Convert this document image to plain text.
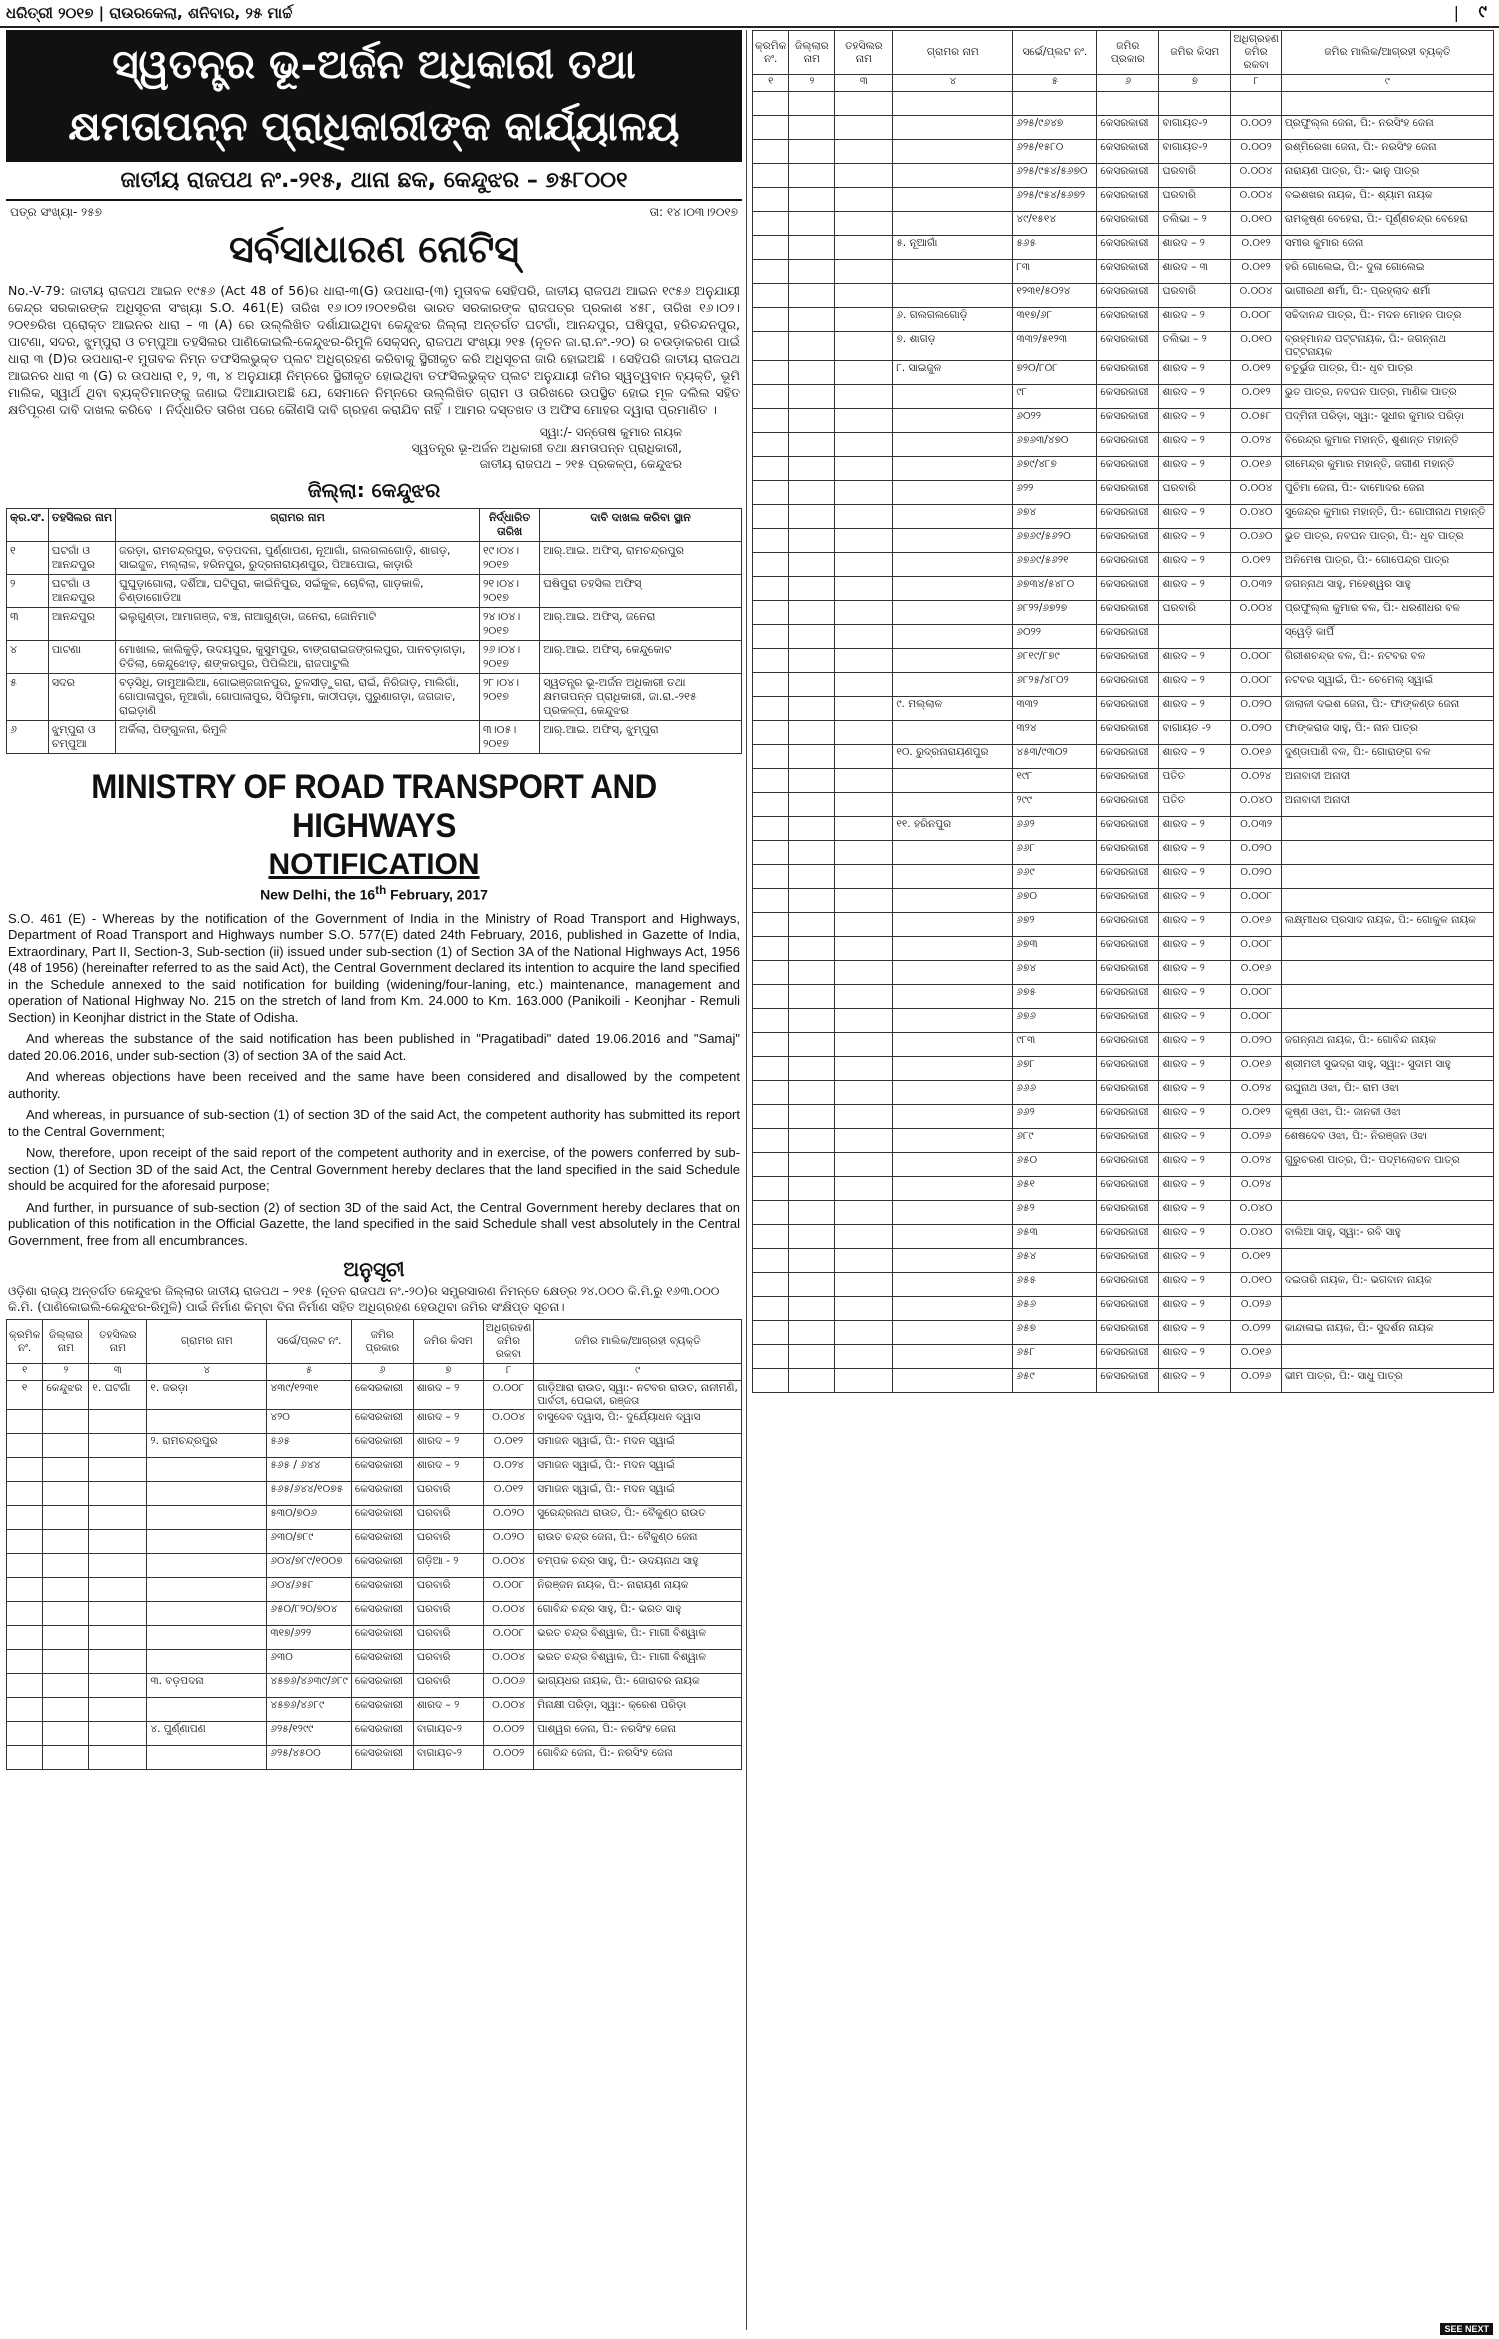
ଧରିତ୍ରୀ ୨୦୧୭ | ରାଉରକେଲା, ଶନିବାର, ୨୫ ମାର୍ଚ୍ଚ	| ୯
ସ୍ୱତନ୍ତ୍ର ଭୂ-ଅର୍ଜନ ଅଧିକାରୀ ତଥା
କ୍ଷମତାପନ୍ନ ପ୍ରାଧିକାରୀଙ୍କ କାର୍ଯ୍ୟାଳୟ
ଜାତୀୟ ରାଜପଥ ନଂ.-୨୧୫, ଥାନା ଛକ, କେନ୍ଦୁଝର – ୭୫୮୦୦୧
ପତ୍ର ସଂଖ୍ୟା- ୨୫୭	ତା: ୧୪।୦୩।୨୦୧୭
ସର୍ବସାଧାରଣ ନୋଟିସ୍

No.-V-79: ଜାତୀୟ ରାଜପଥ ଆଇନ ୧୯୫୬ (Act 48 of 56)ର ଧାରା-୩(G) ଉପଧାରା-(୩) ମୁତାବକ ସେହିପରି, ଜାତୀୟ ରାଜପଥ ଆଇନ ୧୯୫୬ ଅନୁଯାୟୀ କେନ୍ଦ୍ର ସରକାରଙ୍କ ଅଧିସୂଚନା ସଂଖ୍ୟା S.O. 461(E) ତାରିଖ ୧୬।୦୨।୨୦୧୭ରିଖ ଭାରତ ସରକାରଙ୍କ ରାଜପତ୍ର ପ୍ରକାଶ ୪୫୮, ତାରିଖ ୧୬।୦୨।୨୦୧୭ରିଖ ପ୍ରୋକ୍ତ ଆଇନର ଧାରା – ୩ (A) ରେ ଉଲ୍ଲିଖିତ ଦର୍ଶାଯାଇଥିବା କେନ୍ଦୁଝର ଜିଲ୍ଲା ଅନ୍ତର୍ଗତ ଘଟଗାଁ, ଆନନ୍ଦପୁର, ଘଷିପୁରା, ହରିଚନ୍ଦନପୁର, ପାଟଣା, ସଦର, ଝୁମ୍ପୁରା ଓ ଚମ୍ପୁଆ ତହସିଲର ପାଣିକୋଇଲି-କେନ୍ଦୁଝର-ରିମୁଳି ସେକ୍ସନ୍, ରାଜପଥ ସଂଖ୍ୟା ୨୧୫ (ନୂତନ ଜା.ରା.ନଂ.-୨୦) ର ଚଉଡ଼ାକରଣ ପାଇଁ ଧାରା ୩ (D)ର ଉପଧାରା-୧ ମୁତାବକ ନିମ୍ନ ତଫସିଲଭୁକ୍ତ ପ୍ଲଟ ଅଧିଗ୍ରହଣ କରିବାକୁ ସ୍ଥିରୀକୃତ କରି ଅଧିସୂଚନା ଜାରି ହୋଇଅଛି । ସେହିପରି ଜାତୀୟ ରାଜପଥ ଆଇନର ଧାରା ୩ (G) ର ଉପଧାରା ୧, ୨, ୩, ୪ ଅନୁଯାୟୀ ନିମ୍ନରେ ସ୍ଥିରୀକୃତ ହୋଇଥିବା ତଫସିଲଭୁକ୍ତ ପ୍ଲଟ ଅନୁଯାୟୀ ଜମିର ସ୍ୱତ୍ୱବାନ ବ୍ୟକ୍ତି, ଭୂମି ମାଲିକ, ସ୍ୱାର୍ଥ ଥିବା ବ୍ୟକ୍ତିମାନଙ୍କୁ ଜଣାଇ ଦିଆଯାଉଅଛି ଯେ, ସେମାନେ ନିମ୍ନରେ ଉଲ୍ଲିଖିତ ଗ୍ରାମ ଓ ତାରିଖରେ ଉପସ୍ଥିତ ହୋଇ ମୂଳ ଦଲିଲ ସହିତ କ୍ଷତିପୂରଣ ଦାବି ଦାଖଲ କରିବେ । ନିର୍ଦ୍ଧାରିତ ତାରିଖ ପରେ କୌଣସି ଦାବି ଗ୍ରହଣ କରାଯିବ ନାହିଁ । ଆମର ଦସ୍ତଖତ ଓ ଅଫିସ ମୋହର ଦ୍ୱାରା ପ୍ରମାଣିତ ।

ସ୍ୱା:/- ସନ୍ତୋଷ କୁମାର ନାୟକ
ସ୍ୱତନ୍ତ୍ର ଭୂ-ଅର୍ଜନ ଅଧିକାରୀ ତଥା କ୍ଷମତାପନ୍ନ ପ୍ରାଧିକାରୀ,
ଜାତୀୟ ରାଜପଥ – ୨୧୫ ପ୍ରକଳ୍ପ, କେନ୍ଦୁଝର
ଜିଲ୍ଲା: କେନ୍ଦୁଝର
କ୍ର.ସଂ.	ତହସିଲର ନାମ	ଗ୍ରାମର ନାମ	ନିର୍ଦ୍ଧାରିତ ତାରିଖ	ଦାବି ଦାଖଲ କରିବା ସ୍ଥାନ
୧	ଘଟଗାଁ ଓ ଆନନ୍ଦପୁର	ଜରଡ଼ା, ରାମଚନ୍ଦ୍ରପୁର, ବଡ଼ପଦନା, ପୁର୍ଣ୍ଣାପଣ, ନୂଆଗାଁ, ଗଲଗଲଗୋଡ଼ି, ଶାଗଡ଼, ସାଇଜୁଳ, ମଲ୍ଲାଳ, ହରିନପୁର, ରୁଦ୍ରନାରାୟଣପୁର, ପିଆପୋଇ, କାଡ଼ାରି	୧୯।୦୪।୨୦୧୭	ଆର୍.ଆଇ. ଅଫିସ୍, ରାମଚନ୍ଦ୍ରପୁର
୨	ଘଟଗାଁ ଓ ଆନନ୍ଦପୁର	ଘୁଘୁଡ଼ାଗୋଲା, ଦର୍ଶିଆ, ଘଟିପୁରା, କାଇଁନିପୁର, ସଇଁକୁଳ, ଚୋବିଲା, ଗାଡ଼କାଳି, ଚିଣ୍ଡାଗୋଡିଆ	୨୧।୦୪।୨୦୧୭	ଘଷିପୁରା ତହସିଲ ଅଫିସ୍
୩	ଆନନ୍ଦପୁର	ଭଲୁଗୁଣ୍ଡା, ଆମାଗଞ୍ଜ, ବଞ୍ଚ, ନାଆଗୁଣ୍ଡା, ଜନେରା, ଜୋନିମାଟି	୨୪।୦୪।୨୦୧୭	ଆର୍.ଆଇ. ଅଫିସ୍, ଜନେରା
୪	ପାଟଣା	ମୋଖାଲ, କାଲିକୁଡ଼ି, ଉଦୟପୁର, କୁସୁମପୁର, ବାଙ୍ଗରାଇଜଙ୍ଗଲପୁର, ପାନବଡ଼ାଗଡ଼ା, ତିତିଲା, କେନ୍ଦୁଝୋଡ଼, ଶଙ୍କରପୁର, ପିପିଲିଆ, ରାଜପାଟୁଲି	୨୬।୦୪।୨୦୧୭	ଆର୍.ଆଇ. ଅଫିସ୍, କେନ୍ଦୁକୋଟ
୫	ସଦର	ବଡ଼ସିଧି, ଡାମୁଆଲିଆ, ଗୋଇଞ୍ଜଜାନପୁର, ତୁଳସୀଡ଼ୁଗରା, ରାଇଁ, ନିରିଜାଡ଼, ମାଲିଗାଁ, ଗୋପାଳାପୁର, ନୂଆଗାଁ, ଗୋପାଳାପୁର, ସିପିଲୁମା, କାଠୀପଡ଼ା, ପୁରୁଣାଗଡ଼ା, ଜଗଜାତ, ରାଇଡ଼ାଣି	୨୮।୦୪।୨୦୧୭	ସ୍ୱତନ୍ତ୍ର ଭୂ-ଅର୍ଜନ ଅଧିକାରୀ ତଥା କ୍ଷମତାପନ୍ନ ପ୍ରାଧିକାରୀ, ଜା.ରା.-୨୧୫ ପ୍ରକଳ୍ପ, କେନ୍ଦୁଝର
୬	ଝୁମ୍ପୁରା ଓ ଚମ୍ପୁଆ	ଅର୍କିଲା, ପିଙ୍ଗୁଳନା, ରିମୁଳି	୩।୦୫।୨୦୧୭	ଆର୍.ଆଇ. ଅଫିସ୍, ଝୁମ୍ପୁରା
MINISTRY OF ROAD TRANSPORT AND HIGHWAYS
NOTIFICATION
New Delhi, the 16th February, 2017

S.O. 461 (E) - Whereas by the notification of the Government of India in the Ministry of Road Transport and Highways, Department of Road Transport and Highways number S.O. 577(E) dated 24th February, 2016, published in Gazette of India, Extraordinary, Part II, Section-3, Sub-section (ii) issued under sub-section (1) of Section 3A of the National Highways Act, 1956 (48 of 1956) (hereinafter referred to as the said Act), the Central Government declared its intention to acquire the land specified in the Schedule annexed to the said notification for building (widening/four-laning, etc.) maintenance, management and operation of National Highway No. 215 on the stretch of land from Km. 24.000 to Km. 163.000 (Panikoili - Keonjhar - Remuli Section) in Keonjhar district in the State of Odisha.

And whereas the substance of the said notification has been published in "Pragatibadi" dated 19.06.2016 and "Samaj" dated 20.06.2016, under sub-section (3) of section 3A of the said Act.

And whereas objections have been received and the same have been considered and disallowed by the competent authority.

And whereas, in pursuance of sub-section (1) of section 3D of the said Act, the competent authority has submitted its report to the Central Government;

Now, therefore, upon receipt of the said report of the competent authority and in exercise, of the powers conferred by sub-section (1) of Section 3D of the said Act, the Central Government hereby declares that the land specified in the said Schedule should be acquired for the aforesaid purpose;

And further, in pursuance of sub-section (2) of section 3D of the said Act, the Central Government hereby declares that on publication of this notification in the Official Gazette, the land specified in the said Schedule shall vest absolutely in the Central Government, free from all encumbrances.

ଅନୁସୂଚୀ
ଓଡ଼ିଶା ରାଜ୍ୟ ଅନ୍ତର୍ଗତ କେନ୍ଦୁଝର ଜିଲ୍ଲାର ଜାତୀୟ ରାଜପଥ – ୨୧୫ (ନୂତନ ରାଜପଥ ନଂ.-୨୦)ର ସମ୍ପ୍ରସାରଣ ନିମନ୍ତେ କ୍ଷେତ୍ର ୨୪.୦୦୦ କି.ମି.ରୁ ୧୬୩.୦୦୦ କି.ମି. (ପାଣିକୋଇଲି-କେନ୍ଦୁଝର-ରିମୁଳି) ପାଇଁ ନିର୍ମାଣ କିମ୍ବା ବିନା ନିର୍ମାଣ ସହିତ ଅଧିଗ୍ରହଣ ହେଉଥିବା ଜମିର ସଂକ୍ଷିପ୍ତ ସୂଚନା।
କ୍ରମିକ ନଂ.	ଜିଲ୍ଲାର ନାମ	ତହସିଲର ନାମ	ଗ୍ରାମର ନାମ	ସର୍ଭେ/ପ୍ଲଟ ନଂ.	ଜମିର ପ୍ରକାର	ଜମିର କିସମ	ଅଧିଗ୍ରହଣ ଜମିର ରକବା	ଜମିର ମାଲିକ/ଆଗ୍ରହୀ ବ୍ୟକ୍ତି
୧	୨	୩	୪	୫	୬	୭	୮	୯
୧	କେନ୍ଦୁଝର	୧. ଘଟଗାଁ	୧. ଜରଡ଼ା	୪୩୯/୧୨୩୧	କେସରକାରୀ	ଶାରଦ – ୨	୦.୦୦୮	ଗାଡ଼ିଆରା ରାଉତ, ସ୍ୱା:- ନଟବର ରାଉତ, ନାନୀମଣି, ପାର୍ବତୀ, ପେଇଦୀ, ରଞ୍ଜତା
				୪୨୦	କେସରକାରୀ	ଶାରଦ – ୨	୦.୦୦୪	ବାସୁଦେବ ଦ୍ୱାସ, ପି:- ଦୁର୍ଯ୍ୟୋଧନ ଦ୍ୱାସ
			୨. ରାମଚନ୍ଦ୍ରପୁର	୫୬୫	କେସରକାରୀ	ଶାରଦ – ୨	୦.୦୧୨	ସମାଜନ ସ୍ୱାଇଁ, ପି:- ମଦନ ସ୍ୱାଇଁ
				୫୬୫ / ୬୪୪	କେସରକାରୀ	ଶାରଦ – ୨	୦.୦୨୪	ସମାଜନ ସ୍ୱାଇଁ, ପି:- ମଦନ ସ୍ୱାଇଁ
				୫୬୫/୬୪୪/୧୦୭୫	କେସରକାରୀ	ଘରବାରି	୦.୦୧୨	ସମାଜନ ସ୍ୱାଇଁ, ପି:- ମଦନ ସ୍ୱାଇଁ
				୫୩୦/୭୦୬	କେସରକାରୀ	ଘରବାରି	୦.୦୨୦	ସୁରେନ୍ଦ୍ରନାଥ ରାଉତ, ପି:- ବୈକୁଣ୍ଠ ରାଉତ
				୬୩୦/୭୮୯	କେସରକାରୀ	ଘରବାରି	୦.୦୨୦	ରାଉତ ଚନ୍ଦ୍ର ଜେନା, ପି:- ବୈକୁଣ୍ଠ ଜେନା
				୬୦୪/୭୮୯/୧୦୦୭	କେସରକାରୀ	ଗଡ଼ିଆ - ୨	୦.୦୦୪	ଚମ୍ପକ ଚନ୍ଦ୍ର ସାହୁ, ପି:- ଉଦୟନାଥ ସାହୁ
				୬୦୪/୬୫୮	କେସରକାରୀ	ଘରବାରି	୦.୦୦୮	ନିରଞ୍ଜନ ନାୟକ, ପି:- ନାରାୟଣ ନାୟକ
				୬୫୦/୮୨୦/୭୦୪	କେସରକାରୀ	ଘରବାରି	୦.୦୦୪	ଗୋବିନ୍ଦ ଚନ୍ଦ୍ର ସାହୁ, ପି:- ଭରତ ସାହୁ
				୩୧୭/୬୨୨	କେସରକାରୀ	ଘରବାରି	୦.୦୦୮	ଭରତ ଚନ୍ଦ୍ର ବିଶ୍ୱାଳ, ପି:- ମାଗୀ ବିଶ୍ୱାଳ
				୬୩୦	କେସରକାରୀ	ଘରବାରି	୦.୦୦୪	ଭରତ ଚନ୍ଦ୍ର ବିଶ୍ୱାଳ, ପି:- ମାଗୀ ବିଶ୍ୱାଳ
			୩. ବଡ଼ପଦନା	୪୫୭୬/୪୬୩୯/୬୮୯	କେସରକାରୀ	ଘରବାରି	୦.୦୦୬	ଭାଗ୍ୟଧର ନାୟକ, ପି:- ଜୋରାବର ନାୟକ
				୪୫୭୬/୪୬୮୯	କେସରକାରୀ	ଶାରଦ – ୨	୦.୦୦୪	ମିନାକ୍ଷୀ ପରିଡ଼ା, ସ୍ୱା:- କ୍ରେଶ ପରିଡ଼ା
			୪. ପୁର୍ଣ୍ଣାପଣ	୬୨୫/୧୨୯୯	କେସରକାରୀ	ବାଗାୟତ-୨	୦.୦୦୨	ପାଶ୍ୱର ଜେନା, ପି:- ନରସିଂହ ଜେନା
				୬୨୫/୪୫୦୦	କେସରକାରୀ	ବାଗାୟତ-୨	୦.୦୦୨	ଗୋବିନ୍ଦ ଜେନା, ପି:- ନରସିଂହ ଜେନା
କ୍ରମିକ ନଂ.	ଜିଲ୍ଲାର ନାମ	ତହସିଲର ନାମ	ଗ୍ରାମର ନାମ	ସର୍ଭେ/ପ୍ଲଟ ନଂ.	ଜମିର ପ୍ରକାର	ଜମିର କିସମ	ଅଧିଗ୍ରହଣ ଜମିର ରକବା	ଜମିର ମାଲିକ/ଆଗ୍ରହୀ ବ୍ୟକ୍ତି
୧	୨	୩	୪	୫	୬	୭	୮	୯

				୬୨୫/୯୬୪୭	କେସରକାରୀ	ବାଗାୟତ-୨	୦.୦୦୨	ପ୍ରଫୁଲ୍ଲ ଜେନା, ପି:- ନରସିଂହ ଜେନା
				୬୨୫/୧୫୮୦	କେସରକାରୀ	ବାଗାୟତ-୨	୦.୦୦୨	ରଶ୍ମିରେଖା ଜେନା, ପି:- ନରସିଂହ ଜେନା
				୬୨୫/୯୫୪/୫୬୭୦	କେସରକାରୀ	ଘରବାରି	୦.୦୦୪	ନାରାୟଣ ପାତ୍ର, ପି:- ଭାନୁ ପାତ୍ର
				୬୨୫/୯୫୪/୫୬୭୨	କେସରକାରୀ	ଘରବାରି	୦.୦୦୪	ବଇଶଖର ନାୟକ, ପି:- ଶ୍ୟାମ ନାୟକ
				୪୯/୧୫୧୪	କେସରକାରୀ	ତଲିଭା – ୨	୦.୦୧୦	ରାମକୃଷ୍ଣ ବେହେରା, ପି:- ପୂର୍ଣ୍ଣଚନ୍ଦ୍ର ବେହେରା
			୫. ନୂଆଗାଁ	୫୬୫	କେସରକାରୀ	ଶାରଦ – ୨	୦.୦୧୨	ସମୀର କୁମାର ଜେନା
				୮୩	କେସରକାରୀ	ଶାରଦ – ୩	୦.୦୧୨	ହରି ଗୋଲେଇ, ପି:- ଦୁଳା ଗୋଲେଇ
				୧୨୩୧/୫୦୨୪	କେସରକାରୀ	ଘରବାରି	୦.୦୦୪	ଭାଗୀରଥୀ ଶର୍ମା, ପି:- ପ୍ରହ୍ଲାଦ ଶର୍ମା
			୬. ଗଲଗଲଗୋଡ଼ି	୩୧୭/୬୮	କେସରକାରୀ	ଶାରଦ – ୨	୦.୦୦୮	ସଚ୍ଚିଦାନନ୍ଦ ପାତ୍ର, ପି:- ମଦନ ମୋହନ ପାତ୍ର
			୭. ଶାଗଡ଼	୩୩୨/୫୧୨୩	କେସରକାରୀ	ତଲିଭା – ୨	୦.୦୧୦	ବ୍ରହ୍ମାନନ୍ଦ ପଟ୍ଟନାୟକ, ପି:- ଜଗନ୍ନାଥ ପଟ୍ଟନାୟକ
			୮. ସାଇଜୁଳ	୭୨୦/୮୦୮	କେସରକାରୀ	ଶାରଦ – ୨	୦.୦୧୨	ଚତୁର୍ଭୁଜ ପାତ୍ର, ପି:- ଧୃବ ପାତ୍ର
				୯୮	କେସରକାରୀ	ଶାରଦ – ୨	୦.୦୧୨	ଭୁତ ପାତ୍ର, ନବଘନ ପାତ୍ର, ମାଣିକ ପାତ୍ର
				୬୦୨୨	କେସରକାରୀ	ଶାରଦ – ୨	୦.୦୫୮	ପଦ୍ମିନୀ ପରିଡ଼ା, ସ୍ୱା:- ସୁଧୀର କୁମାର ପରିଡ଼ା
				୬୭୬୩/୪୭୦	କେସରକାରୀ	ଶାରଦ – ୨	୦.୦୨୪	ବିରେନ୍ଦ୍ର କୁମାର ମହାନ୍ତି, ଶୁଶାନ୍ତ ମହାନ୍ତି
				୬୭୯/୪୮୭	କେସରକାରୀ	ଶାରଦ – ୨	୦.୦୧୬	ରୀମେନ୍ଦ୍ର କୁମାର ମହାନ୍ତି, ଜଗୀଣ ମହାନ୍ତି
				୬୨୨	କେସରକାରୀ	ଘରବାରି	୦.୦୦୪	ପୁଚିମା ଜେନା, ପି:- ଦାମୋଦର ଜେନା
				୬୭୪	କେସରକାରୀ	ଶାରଦ – ୨	୦.୦୪୦	ସୁଜେନ୍ଦ୍ର କୁମାର ମହାନ୍ତି, ପି:- ଗୋପୀନାଥ ମହାନ୍ତି
				୬୭୬୯/୫୬୨୦	କେସରକାରୀ	ଶାରଦ – ୨	୦.୦୬୦	ଭୁତ ପାତ୍ର, ନବଘନ ପାତ୍ର, ପି:- ଧୃବ ପାତ୍ର
				୬୭୬୯/୫୬୨୧	କେସରକାରୀ	ଶାରଦ – ୨	୦.୦୧୨	ଅନିମେଷ ପାତ୍ର, ପି:- ଗୋପେନ୍ଦ୍ର ପାତ୍ର
				୬୭୩୪/୫୪୮୦	କେସରକାରୀ	ଶାରଦ – ୨	୦.୦୩୨	ଜଗନ୍ନାଥ ସାହୁ, ମହେଶ୍ୱର ସାହୁ
				୬୮୨୨/୬୭୨୭	କେସରକାରୀ	ଘରବାରି	୦.୦୦୪	ପ୍ରଫୁଲ୍ଲ କୁମାର ବଳ, ପି:- ଧରଣୀଧର ବଳ
				୬୦୨୨	କେସରକାରୀ			ସ୍ୱେଡ଼ି କାର୍ପି
				୬୮୧୯/୮୭୯	କେସରକାରୀ	ଶାରଦ – ୨	୦.୦୦୮	ଗିରୀଶଚନ୍ଦ୍ର ବଳ, ପି:- ନଟବର ବଳ
				୬୮୨୫/୪୮୦୨	କେସରକାରୀ	ଶାରଦ – ୨	୦.୦୦୮	ନଟବର ସ୍ୱାଇଁ, ପି:- ଚେମେଲ୍ ସ୍ୱାଇଁ
			୯. ମଲ୍ଲାଳ	୩୩୨	କେସରକାରୀ	ଶାରଦ – ୨	୦.୦୨୦	ଜାଲାଳୀ ଦଇଶ ଜେନା, ପି:- ଫାଙ୍କଣ୍ଡ ଜେନା
				୩୨୪	କେସରକାରୀ	ବାଗାୟତ -୨	୦.୦୨୦	ଫାଙ୍କରାଜ ସାହୁ, ପି:- ନାନ ପାତ୍ର
			୧୦. ରୁଦ୍ରନାରାୟଣପୁର	୪୫୩/୯୩୦୨	କେସରକାରୀ	ଶାରଦ – ୨	୦.୦୧୬	ଦୁଣ୍ଡାପାଣି ବଳ, ପି:- ଗୋରାଙ୍ଗ ବଳ
				୧୯୮	କେସରକାରୀ	ପତିତ	୦.୦୨୪	ଅନାବାଦୀ ଅନାଦୀ
				୨୯୯	କେସରକାରୀ	ପତିତ	୦.୦୪୦	ଅନାବାଦୀ ଅନାଦୀ
			୧୧. ହରିନପୁର	୬୬୨	କେସରକାରୀ	ଶାରଦ – ୨	୦.୦୩୨	
				୬୬୮	କେସରକାରୀ	ଶାରଦ – ୨	୦.୦୨୦	
				୬୬୯	କେସରକାରୀ	ଶାରଦ – ୨	୦.୦୨୦	
				୬୭୦	କେସରକାରୀ	ଶାରଦ – ୨	୦.୦୦୮	
				୬୭୨	କେସରକାରୀ	ଶାରଦ – ୨	୦.୦୧୬	ଲକ୍ଷ୍ମୀଧର ପ୍ରସାଦ ନାୟକ, ପି:- ଗୋକୁଳ ନାୟକ
				୬୭୩	କେସରକାରୀ	ଶାରଦ – ୨	୦.୦୦୮	
				୬୭୪	କେସରକାରୀ	ଶାରଦ – ୨	୦.୦୧୬	
				୬୭୫	କେସରକାରୀ	ଶାରଦ – ୨	୦.୦୦୮	
				୬୭୬	କେସରକାରୀ	ଶାରଦ – ୨	୦.୦୦୮	
				୯୮୩	କେସରକାରୀ	ଶାରଦ – ୨	୦.୦୨୦	ଜଗନ୍ନାଥ ନାୟକ, ପି:- ଗୋବିନ୍ଦ ନାୟକ
				୬୭୮	କେସରକାରୀ	ଶାରଦ – ୨	୦.୦୧୬	ଶ୍ରୀମତୀ ସୁଭଦ୍ରା ସାହୁ, ସ୍ୱା:- ସୁଦାମ ସାହୁ
				୬୬୬	କେସରକାରୀ	ଶାରଦ – ୨	୦.୦୨୪	ରଘୁନାଥ ଓଝା, ପି:- ରାମ ଓଝା
				୬୬୨	କେସରକାରୀ	ଶାରଦ – ୨	୦.୦୧୨	କୃଷ୍ଣ ଓଝା, ପି:- ଜାନକୀ ଓଝା
				୬୮୯	କେସରକାରୀ	ଶାରଦ – ୨	୦.୦୨୬	ଶେଷଦେବ ଓଝା, ପି:- ନିରଞ୍ଜନ ଓଝା
				୬୫୦	କେସରକାରୀ	ଶାରଦ – ୨	୦.୦୨୪	ଗୁରୁଚରଣ ପାତ୍ର, ପି:- ପଦ୍ମଲୋଚନ ପାତ୍ର
				୬୫୧	କେସରକାରୀ	ଶାରଦ – ୨	୦.୦୨୪	
				୬୫୨	କେସରକାରୀ	ଶାରଦ – ୨	୦.୦୪୦	
				୬୫୩	କେସରକାରୀ	ଶାରଦ – ୨	୦.୦୪୦	ବାଲିଆ ସାହୁ, ସ୍ୱା:- ରବି ସାହୁ
				୬୫୪	କେସରକାରୀ	ଶାରଦ – ୨	୦.୦୧୨	
				୬୫୫	କେସରକାରୀ	ଶାରଦ – ୨	୦.୦୧୦	ଦଇତାରି ନାୟକ, ପି:- ଭଗବାନ ନାୟକ
				୬୫୬	କେସରକାରୀ	ଶାରଦ – ୨	୦.୦୨୬	
				୬୫୭	କେସରକାରୀ	ଶାରଦ – ୨	୦.୦୨୨	କାନ୍ଦାଳାଇ ନାୟକ, ପି:- ସୁଦର୍ଶନ ନାୟକ
				୬୫୮	କେସରକାରୀ	ଶାରଦ – ୨	୦.୦୧୬	
				୬୫୯	କେସରକାରୀ	ଶାରଦ – ୨	୦.୦୨୬	ଭୀମ ପାତ୍ର, ପି:- ସାଧୁ ପାତ୍ର
SEE NEXT
